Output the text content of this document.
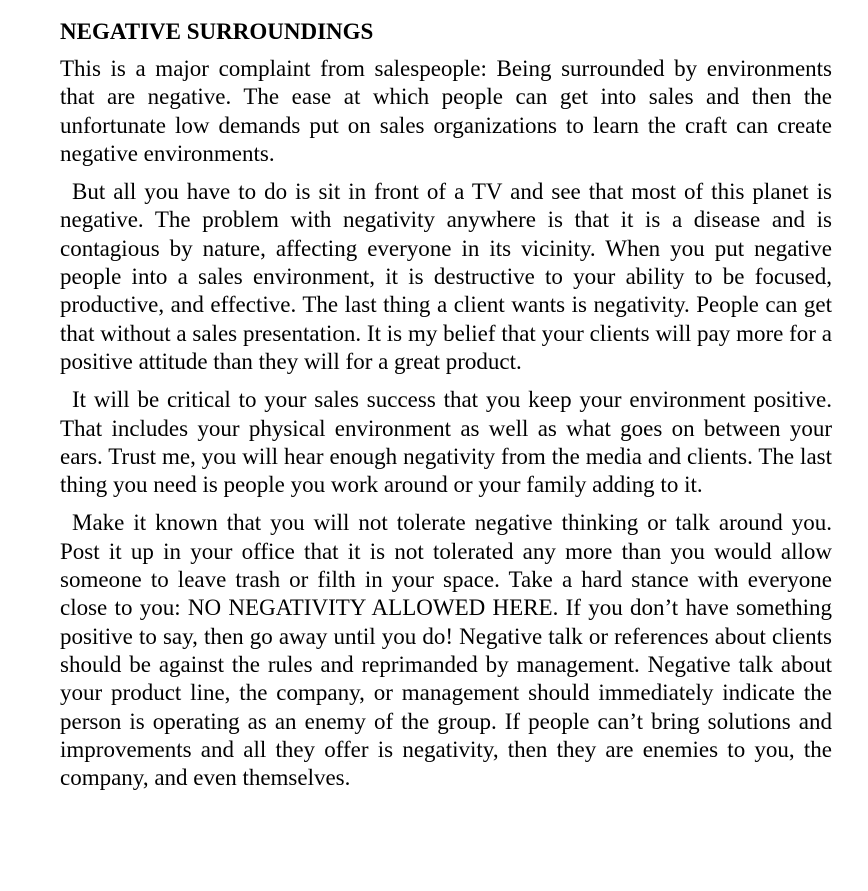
NEGATIVE SURROUNDINGS

This is a major complaint from salespeople: Being surrounded by environments that are negative. The ease at which people can get into sales and then the unfortunate low demands put on sales organizations to learn the craft can create negative environments.

But all you have to do is sit in front of a TV and see that most of this planet is negative. The problem with negativity anywhere is that it is a disease and is contagious by nature, affecting everyone in its vicinity. When you put negative people into a sales environment, it is destructive to your ability to be focused, productive, and effective. The last thing a client wants is negativity. People can get that without a sales presentation. It is my belief that your clients will pay more for a positive attitude than they will for a great product.

It will be critical to your sales success that you keep your environment positive. That includes your physical environment as well as what goes on between your ears. Trust me, you will hear enough negativity from the media and clients. The last thing you need is people you work around or your family adding to it.

Make it known that you will not tolerate negative thinking or talk around you. Post it up in your office that it is not tolerated any more than you would allow someone to leave trash or filth in your space. Take a hard stance with everyone close to you: NO NEGATIVITY ALLOWED HERE. If you don’t have something positive to say, then go away until you do! Negative talk or references about clients should be against the rules and reprimanded by management. Negative talk about your product line, the company, or management should immediately indicate the person is operating as an enemy of the group. If people can’t bring solutions and improvements and all they offer is negativity, then they are enemies to you, the company, and even themselves.
